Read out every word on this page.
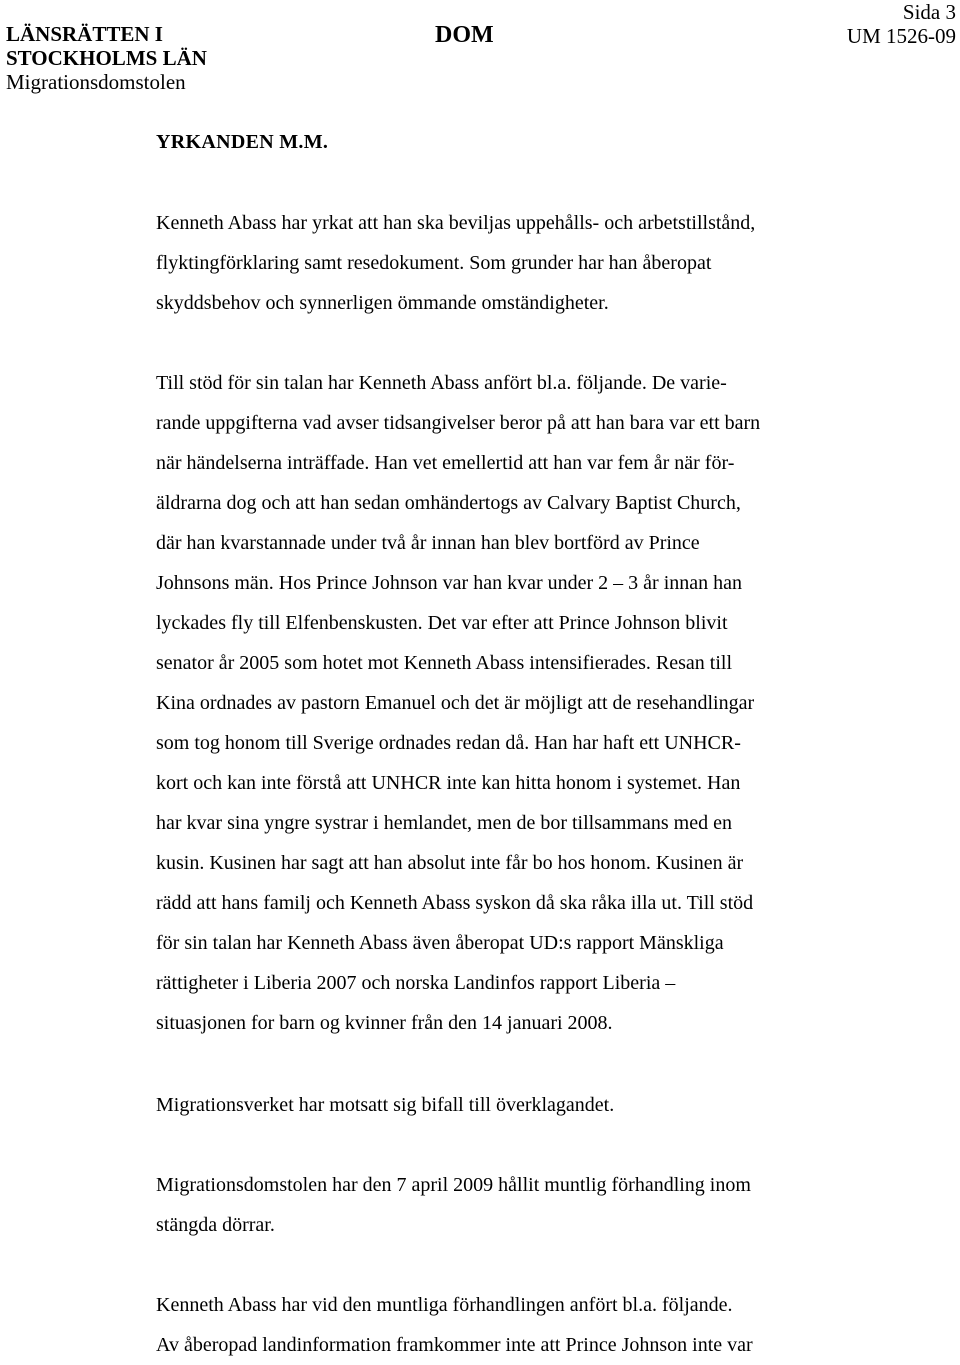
LÄNSRÄTTEN I
STOCKHOLMS LÄN
Migrationsdomstolen
DOM
Sida 3
UM 1526-09
YRKANDEN M.M.
Kenneth Abass har yrkat att han ska beviljas uppehålls- och arbetstillstånd,
flyktingförklaring samt resedokument. Som grunder har han åberopat
skyddsbehov och synnerligen ömmande omständigheter.
Till stöd för sin talan har Kenneth Abass anfört bl.a. följande. De varie-
rande uppgifterna vad avser tidsangivelser beror på att han bara var ett barn
när händelserna inträffade. Han vet emellertid att han var fem år när för-
äldrarna dog och att han sedan omhändertogs av Calvary Baptist Church,
där han kvarstannade under två år innan han blev bortförd av Prince
Johnsons män. Hos Prince Johnson var han kvar under 2 – 3 år innan han
lyckades fly till Elfenbenskusten. Det var efter att Prince Johnson blivit
senator år 2005 som hotet mot Kenneth Abass intensifierades. Resan till
Kina ordnades av pastorn Emanuel och det är möjligt att de resehandlingar
som tog honom till Sverige ordnades redan då. Han har haft ett UNHCR-
kort och kan inte förstå att UNHCR inte kan hitta honom i systemet. Han
har kvar sina yngre systrar i hemlandet, men de bor tillsammans med en
kusin. Kusinen har sagt att han absolut inte får bo hos honom. Kusinen är
rädd att hans familj och Kenneth Abass syskon då ska råka illa ut. Till stöd
för sin talan har Kenneth Abass även åberopat UD:s rapport Mänskliga
rättigheter i Liberia 2007 och norska Landinfos rapport Liberia –
situasjonen for barn og kvinner från den 14 januari 2008.
Migrationsverket har motsatt sig bifall till överklagandet.
Migrationsdomstolen har den 7 april 2009 hållit muntlig förhandling inom
stängda dörrar.
Kenneth Abass har vid den muntliga förhandlingen anfört bl.a. följande.
Av åberopad landinformation framkommer inte att Prince Johnson inte var
